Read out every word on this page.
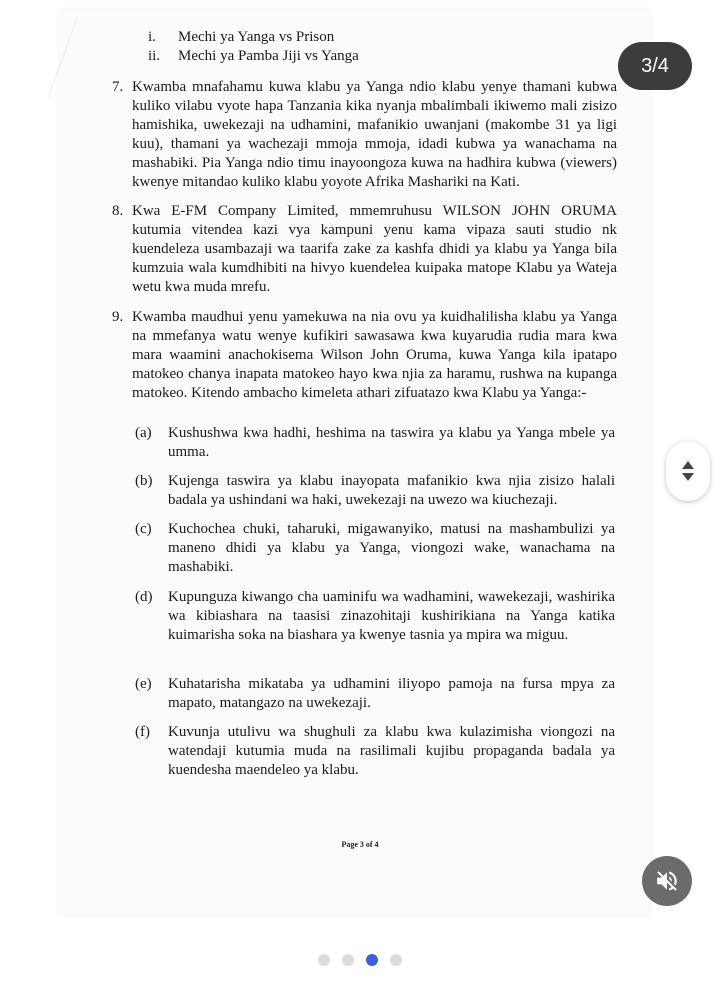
i.	Mechi ya Yanga vs Prison
ii.	Mechi ya Pamba Jiji vs Yanga
7. Kwamba mnafahamu kuwa klabu ya Yanga ndio klabu yenye thamani kubwa kuliko vilabu vyote hapa Tanzania kika nyanja mbalimbali ikiwemo mali zisizo hamishika, uwekezaji na udhamini, mafanikio uwanjani (makombe 31 ya ligi kuu), thamani ya wachezaji mmoja mmoja, idadi kubwa ya wanachama na mashabiki. Pia Yanga ndio timu inayoongoza kuwa na hadhira kubwa (viewers) kwenye mitandao kuliko klabu yoyote Afrika Mashariki na Kati.
8. Kwa E-FM Company Limited, mmemruhusu WILSON JOHN ORUMA kutumia vitendea kazi vya kampuni yenu kama vipaza sauti studio nk kuendeleza usambazaji wa taarifa zake za kashfa dhidi ya klabu ya Yanga bila kumzuia wala kumdhibiti na hivyo kuendelea kuipaka matope Klabu ya Wateja wetu kwa muda mrefu.
9. Kwamba maudhui yenu yamekuwa na nia ovu ya kuidhalilisha klabu ya Yanga na mmefanya watu wenye kufikiri sawasawa kwa kuyarudia rudia mara kwa mara waamini anachokisema Wilson John Oruma, kuwa Yanga kila ipatapo matokeo chanya inapata matokeo hayo kwa njia za haramu, rushwa na kupanga matokeo. Kitendo ambacho kimeleta athari zifuatazo kwa Klabu ya Yanga:-
(a)	Kushushwa kwa hadhi, heshima na taswira ya klabu ya Yanga mbele ya umma.
(b)	Kujenga taswira ya klabu inayopata mafanikio kwa njia zisizo halali badala ya ushindani wa haki, uwekezaji na uwezo wa kiuchezaji.
(c)	Kuchochea chuki, taharuki, migawanyiko, matusi na mashambulizi ya maneno dhidi ya klabu ya Yanga, viongozi wake, wanachama na mashabiki.
(d)	Kupunguza kiwango cha uaminifu wa wadhamini, wawekezaji, washirika wa kibiashara na taasisi zinazohitaji kushirikiana na Yanga katika kuimarisha soka na biashara ya kwenye tasnia ya mpira wa miguu.
(e)	Kuhatarisha mikataba ya udhamini iliyopo pamoja na fursa mpya za mapato, matangazo na uwekezaji.
(f)	Kuvunja utulivu wa shughuli za klabu kwa kulazimisha viongozi na watendaji kutumia muda na rasilimali kujibu propaganda badala ya kuendesha maendeleo ya klabu.
Page 3 of 4
3/4
